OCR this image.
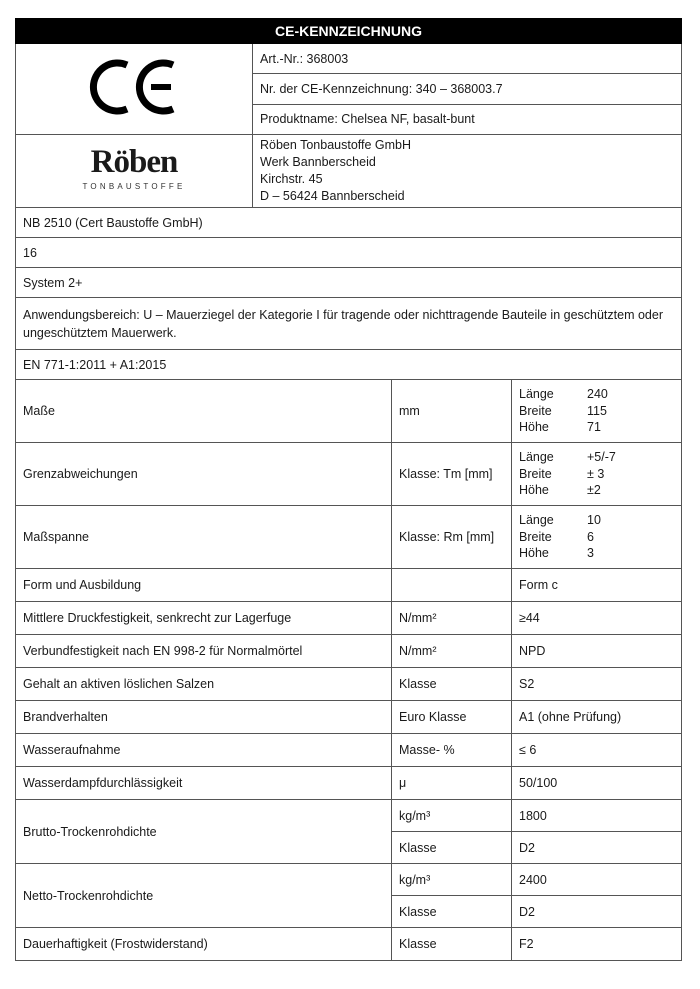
CE-KENNZEICHNUNG
	Art.-Nr.: 368003
Nr. der CE-Kennzeichnung: 340 – 368003.7
Produktname: Chelsea NF, basalt-bunt

Röben
TONBAUSTOFFE

Röben Tonbaustoffe GmbH
Werk Bannberscheid
Kirchstr. 45
D – 56424 Bannberscheid

NB 2510 (Cert Baustoffe GmbH)
16
System 2+
Anwendungsbereich: U – Mauerziegel der Kategorie I für tragende oder nichttragende Bauteile in geschütztem oder ungeschütztem Mauerwerk.
EN 771-1:2011 + A1:2015
Maße	mm	
Länge	240
Breite	115
Höhe	71

Grenzabweichungen	Klasse: Tm [mm]	
Länge	+5/-7
Breite	± 3
Höhe	±2

Maßspanne	Klasse: Rm [mm]	
Länge	10
Breite	6
Höhe	3

Form und Ausbildung		Form c
Mittlere Druckfestigkeit, senkrecht zur Lagerfuge	N/mm²	≥44
Verbundfestigkeit nach EN 998-2 für Normalmörtel	N/mm²	NPD
Gehalt an aktiven löslichen Salzen	Klasse	S2
Brandverhalten	Euro Klasse	A1 (ohne Prüfung)
Wasseraufnahme	Masse- %	≤ 6
Wasserdampfdurchlässigkeit	μ	50/100
Brutto-Trockenrohdichte	kg/m³	1800
Klasse	D2
Netto-Trockenrohdichte	kg/m³	2400
Klasse	D2
Dauerhaftigkeit (Frostwiderstand)	Klasse	F2
